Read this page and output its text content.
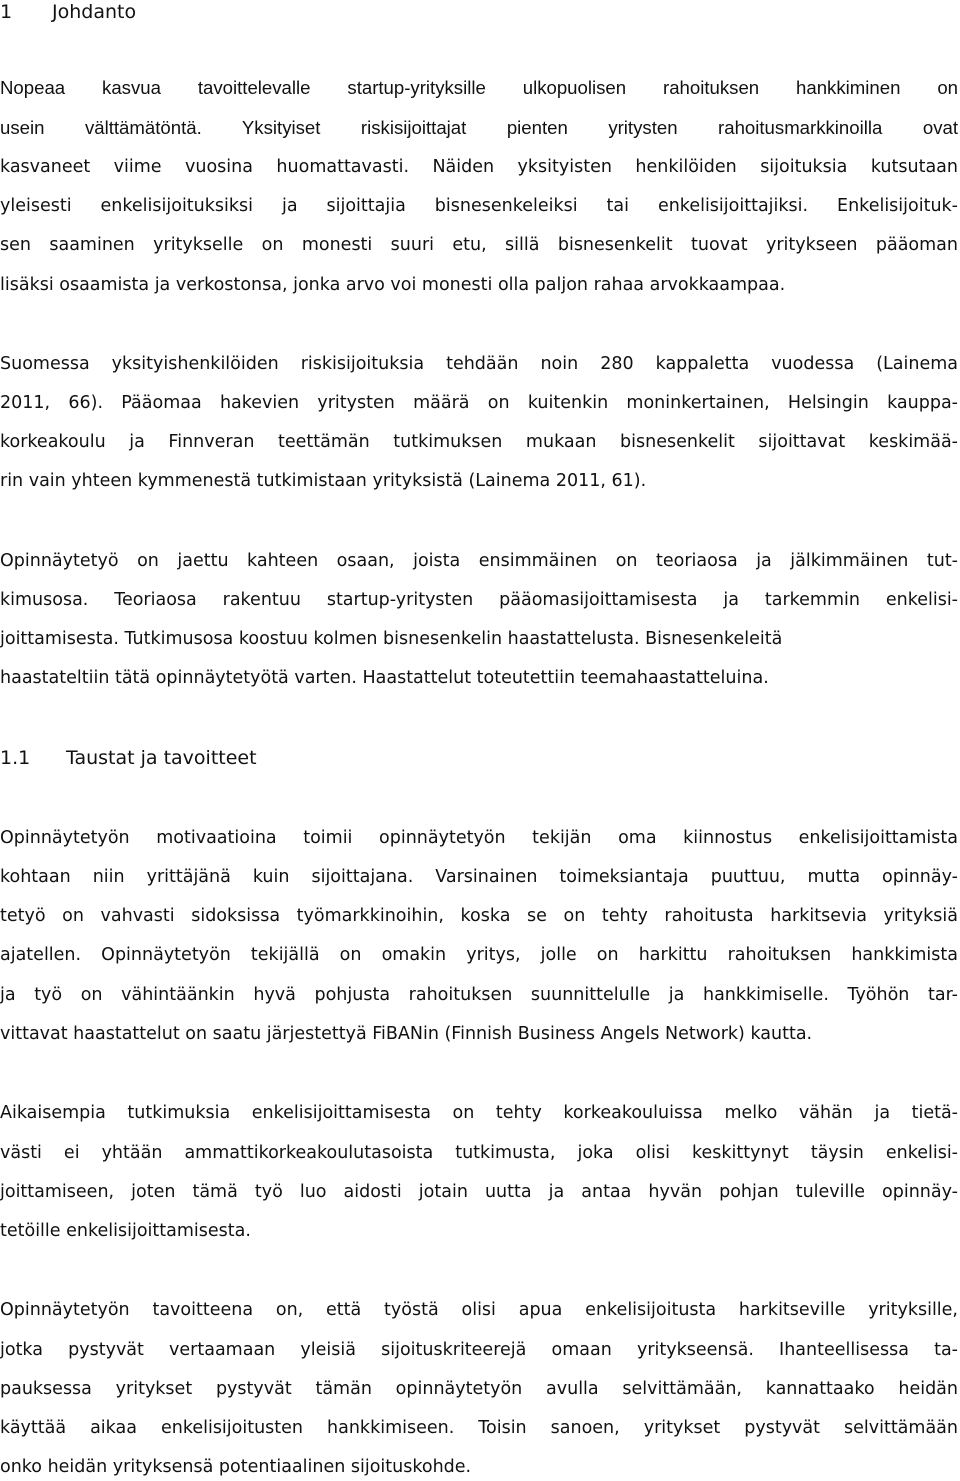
1 Johdanto
Nopeaa kasvua tavoittelevalle startup-yrityksille ulkopuolisen rahoituksen hankkiminen on
usein välttämätöntä. Yksityiset riskisijoittajat pienten yritysten rahoitusmarkkinoilla ovat
kasvaneet viime vuosina huomattavasti. Näiden yksityisten henkilöiden sijoituksia kutsutaan
yleisesti enkelisijoituksiksi ja sijoittajia bisnesenkeleiksi tai enkelisijoittajiksi. Enkelisijoituk-
sen saaminen yritykselle on monesti suuri etu, sillä bisnesenkelit tuovat yritykseen pääoman
lisäksi osaamista ja verkostonsa, jonka arvo voi monesti olla paljon rahaa arvokkaampaa.
Suomessa yksityishenkilöiden riskisijoituksia tehdään noin 280 kappaletta vuodessa (Lainema
2011, 66). Pääomaa hakevien yritysten määrä on kuitenkin moninkertainen, Helsingin kauppa-
korkeakoulu ja Finnveran teettämän tutkimuksen mukaan bisnesenkelit sijoittavat keskimää-
rin vain yhteen kymmenestä tutkimistaan yrityksistä (Lainema 2011, 61).
Opinnäytetyö on jaettu kahteen osaan, joista ensimmäinen on teoriaosa ja jälkimmäinen tut-
kimusosa. Teoriaosa rakentuu startup-yritysten pääomasijoittamisesta ja tarkemmin enkelisi-
joittamisesta. Tutkimusosa koostuu kolmen bisnesenkelin haastattelusta. Bisnesenkeleitä
haastateltiin tätä opinnäytetyötä varten. Haastattelut toteutettiin teemahaastatteluina.
1.1 Taustat ja tavoitteet
Opinnäytetyön motivaatioina toimii opinnäytetyön tekijän oma kiinnostus enkelisijoittamista
kohtaan niin yrittäjänä kuin sijoittajana. Varsinainen toimeksiantaja puuttuu, mutta opinnäy-
tetyö on vahvasti sidoksissa työmarkkinoihin, koska se on tehty rahoitusta harkitsevia yrityksiä
ajatellen. Opinnäytetyön tekijällä on omakin yritys, jolle on harkittu rahoituksen hankkimista
ja työ on vähintäänkin hyvä pohjusta rahoituksen suunnittelulle ja hankkimiselle. Työhön tar-
vittavat haastattelut on saatu järjestettyä FiBANin (Finnish Business Angels Network) kautta.
Aikaisempia tutkimuksia enkelisijoittamisesta on tehty korkeakouluissa melko vähän ja tietä-
västi ei yhtään ammattikorkeakoulutasoista tutkimusta, joka olisi keskittynyt täysin enkelisi-
joittamiseen, joten tämä työ luo aidosti jotain uutta ja antaa hyvän pohjan tuleville opinnäy-
tetöille enkelisijoittamisesta.
Opinnäytetyön tavoitteena on, että työstä olisi apua enkelisijoitusta harkitseville yrityksille,
jotka pystyvät vertaamaan yleisiä sijoituskriteerejä omaan yritykseensä. Ihanteellisessa ta-
pauksessa yritykset pystyvät tämän opinnäytetyön avulla selvittämään, kannattaako heidän
käyttää aikaa enkelisijoitusten hankkimiseen. Toisin sanoen, yritykset pystyvät selvittämään
onko heidän yrityksensä potentiaalinen sijoituskohde.
